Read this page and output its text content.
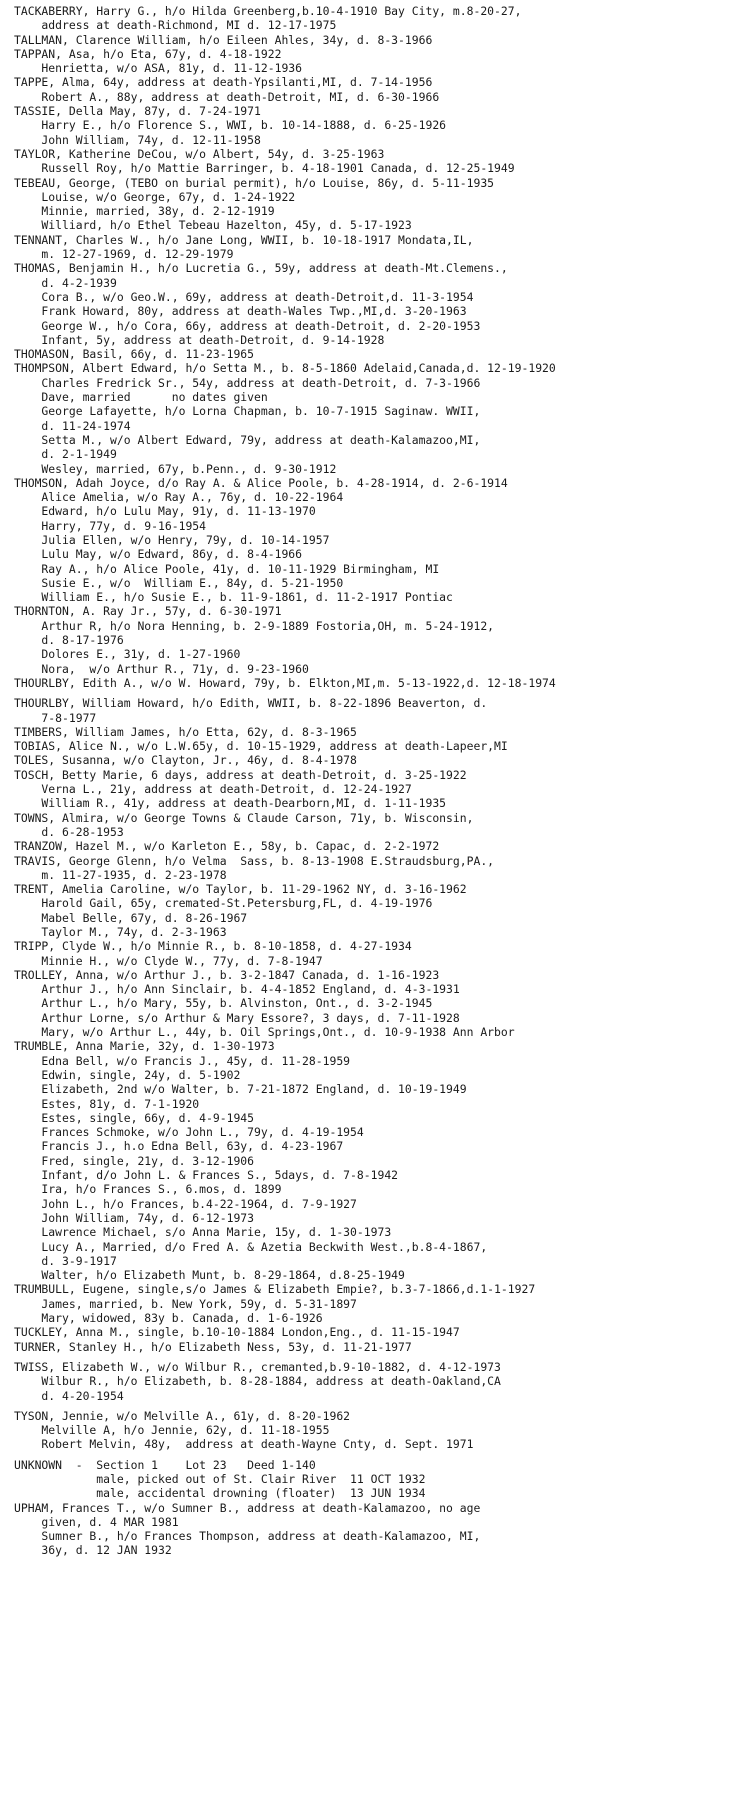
TACKABERRY, Harry G., h/o Hilda Greenberg,b.10-4-1910 Bay City, m.8-20-27,
address at death-Richmond, MI d. 12-17-1975
TALLMAN, Clarence William, h/o Eileen Ahles, 34y, d. 8-3-1966
TAPPAN, Asa, h/o Eta, 67y, d. 4-18-1922
Henrietta, w/o ASA, 81y, d. 11-12-1936
TAPPE, Alma, 64y, address at death-Ypsilanti,MI, d. 7-14-1956
Robert A., 88y, address at death-Detroit, MI, d. 6-30-1966
TASSIE, Della May, 87y, d. 7-24-1971
Harry E., h/o Florence S., WWI, b. 10-14-1888, d. 6-25-1926
John William, 74y, d. 12-11-1958
TAYLOR, Katherine DeCou, w/o Albert, 54y, d. 3-25-1963
Russell Roy, h/o Mattie Barringer, b. 4-18-1901 Canada, d. 12-25-1949
TEBEAU, George, (TEBO on burial permit), h/o Louise, 86y, d. 5-11-1935
Louise, w/o George, 67y, d. 1-24-1922
Minnie, married, 38y, d. 2-12-1919
Williard, h/o Ethel Tebeau Hazelton, 45y, d. 5-17-1923
TENNANT, Charles W., h/o Jane Long, WWII, b. 10-18-1917 Mondata,IL,
m. 12-27-1969, d. 12-29-1979
THOMAS, Benjamin H., h/o Lucretia G., 59y, address at death-Mt.Clemens.,
d. 4-2-1939
Cora B., w/o Geo.W., 69y, address at death-Detroit,d. 11-3-1954
Frank Howard, 80y, address at death-Wales Twp.,MI,d. 3-20-1963
George W., h/o Cora, 66y, address at death-Detroit, d. 2-20-1953
Infant, 5y, address at death-Detroit, d. 9-14-1928
THOMASON, Basil, 66y, d. 11-23-1965
THOMPSON, Albert Edward, h/o Setta M., b. 8-5-1860 Adelaid,Canada,d. 12-19-1920
Charles Fredrick Sr., 54y, address at death-Detroit, d. 7-3-1966
Dave, married      no dates given
George Lafayette, h/o Lorna Chapman, b. 10-7-1915 Saginaw. WWII,
d. 11-24-1974
Setta M., w/o Albert Edward, 79y, address at death-Kalamazoo,MI,
d. 2-1-1949
Wesley, married, 67y, b.Penn., d. 9-30-1912
THOMSON, Adah Joyce, d/o Ray A. & Alice Poole, b. 4-28-1914, d. 2-6-1914
Alice Amelia, w/o Ray A., 76y, d. 10-22-1964
Edward, h/o Lulu May, 91y, d. 11-13-1970
Harry, 77y, d. 9-16-1954
Julia Ellen, w/o Henry, 79y, d. 10-14-1957
Lulu May, w/o Edward, 86y, d. 8-4-1966
Ray A., h/o Alice Poole, 41y, d. 10-11-1929 Birmingham, MI
Susie E., w/o  William E., 84y, d. 5-21-1950
William E., h/o Susie E., b. 11-9-1861, d. 11-2-1917 Pontiac
THORNTON, A. Ray Jr., 57y, d. 6-30-1971
Arthur R, h/o Nora Henning, b. 2-9-1889 Fostoria,OH, m. 5-24-1912,
d. 8-17-1976
Dolores E., 31y, d. 1-27-1960
Nora,  w/o Arthur R., 71y, d. 9-23-1960
THOURLBY, Edith A., w/o W. Howard, 79y, b. Elkton,MI,m. 5-13-1922,d. 12-18-1974
THOURLBY, William Howard, h/o Edith, WWII, b. 8-22-1896 Beaverton, d.
7-8-1977
TIMBERS, William James, h/o Etta, 62y, d. 8-3-1965
TOBIAS, Alice N., w/o L.W.65y, d. 10-15-1929, address at death-Lapeer,MI
TOLES, Susanna, w/o Clayton, Jr., 46y, d. 8-4-1978
TOSCH, Betty Marie, 6 days, address at death-Detroit, d. 3-25-1922
Verna L., 21y, address at death-Detroit, d. 12-24-1927
William R., 41y, address at death-Dearborn,MI, d. 1-11-1935
TOWNS, Almira, w/o George Towns & Claude Carson, 71y, b. Wisconsin,
d. 6-28-1953
TRANZOW, Hazel M., w/o Karleton E., 58y, b. Capac, d. 2-2-1972
TRAVIS, George Glenn, h/o Velma  Sass, b. 8-13-1908 E.Straudsburg,PA.,
m. 11-27-1935, d. 2-23-1978
TRENT, Amelia Caroline, w/o Taylor, b. 11-29-1962 NY, d. 3-16-1962
Harold Gail, 65y, cremated-St.Petersburg,FL, d. 4-19-1976
Mabel Belle, 67y, d. 8-26-1967
Taylor M., 74y, d. 2-3-1963
TRIPP, Clyde W., h/o Minnie R., b. 8-10-1858, d. 4-27-1934
Minnie H., w/o Clyde W., 77y, d. 7-8-1947
TROLLEY, Anna, w/o Arthur J., b. 3-2-1847 Canada, d. 1-16-1923
Arthur J., h/o Ann Sinclair, b. 4-4-1852 England, d. 4-3-1931
Arthur L., h/o Mary, 55y, b. Alvinston, Ont., d. 3-2-1945
Arthur Lorne, s/o Arthur & Mary Essore?, 3 days, d. 7-11-1928
Mary, w/o Arthur L., 44y, b. Oil Springs,Ont., d. 10-9-1938 Ann Arbor
TRUMBLE, Anna Marie, 32y, d. 1-30-1973
Edna Bell, w/o Francis J., 45y, d. 11-28-1959
Edwin, single, 24y, d. 5-1902
Elizabeth, 2nd w/o Walter, b. 7-21-1872 England, d. 10-19-1949
Estes, 81y, d. 7-1-1920
Estes, single, 66y, d. 4-9-1945
Frances Schmoke, w/o John L., 79y, d. 4-19-1954
Francis J., h.o Edna Bell, 63y, d. 4-23-1967
Fred, single, 21y, d. 3-12-1906
Infant, d/o John L. & Frances S., 5days, d. 7-8-1942
Ira, h/o Frances S., 6.mos, d. 1899
John L., h/o Frances, b.4-22-1964, d. 7-9-1927
John William, 74y, d. 6-12-1973
Lawrence Michael, s/o Anna Marie, 15y, d. 1-30-1973
Lucy A., Married, d/o Fred A. & Azetia Beckwith West.,b.8-4-1867,
d. 3-9-1917
Walter, h/o Elizabeth Munt, b. 8-29-1864, d.8-25-1949
TRUMBULL, Eugene, single,s/o James & Elizabeth Empie?, b.3-7-1866,d.1-1-1927
James, married, b. New York, 59y, d. 5-31-1897
Mary, widowed, 83y b. Canada, d. 1-6-1926
TUCKLEY, Anna M., single, b.10-10-1884 London,Eng., d. 11-15-1947
TURNER, Stanley H., h/o Elizabeth Ness, 53y, d. 11-21-1977
TWISS, Elizabeth W., w/o Wilbur R., cremanted,b.9-10-1882, d. 4-12-1973
Wilbur R., h/o Elizabeth, b. 8-28-1884, address at death-Oakland,CA
d. 4-20-1954
TYSON, Jennie, w/o Melville A., 61y, d. 8-20-1962
Melville A, h/o Jennie, 62y, d. 11-18-1955
Robert Melvin, 48y,  address at death-Wayne Cnty, d. Sept. 1971
UNKNOWN  -  Section 1    Lot 23   Deed 1-140
male, picked out of St. Clair River  11 OCT 1932
male, accidental drowning (floater)  13 JUN 1934
UPHAM, Frances T., w/o Sumner B., address at death-Kalamazoo, no age
given, d. 4 MAR 1981
Sumner B., h/o Frances Thompson, address at death-Kalamazoo, MI,
36y, d. 12 JAN 1932
